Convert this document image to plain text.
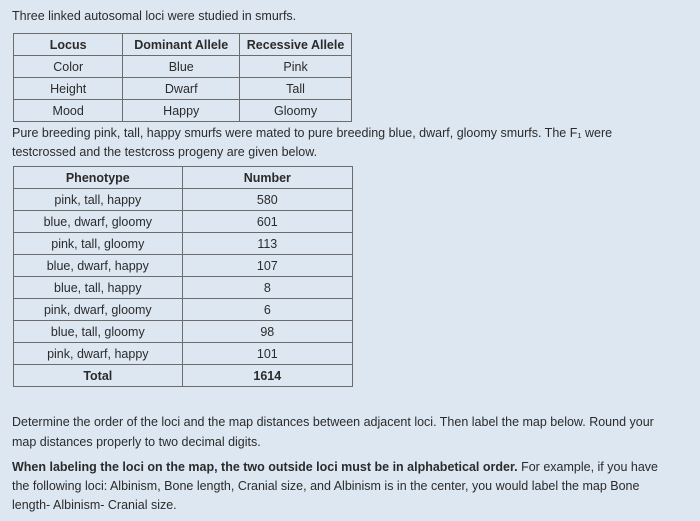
Three linked autosomal loci were studied in smurfs.
Locus	Dominant Allele	Recessive Allele
Color	Blue	Pink
Height	Dwarf	Tall
Mood	Happy	Gloomy
Pure breeding pink, tall, happy smurfs were mated to pure breeding blue, dwarf, gloomy smurfs. The F₁ were
testcrossed and the testcross progeny are given below.
Phenotype	Number
pink, tall, happy	580
blue, dwarf, gloomy	601
pink, tall, gloomy	113
blue, dwarf, happy	107
blue, tall, happy	8
pink, dwarf, gloomy	6
blue, tall, gloomy	98
pink, dwarf, happy	101
Total	1614
Determine the order of the loci and the map distances between adjacent loci. Then label the map below. Round your
map distances properly to two decimal digits.
When labeling the loci on the map, the two outside loci must be in alphabetical order. For example, if you have
the following loci: Albinism, Bone length, Cranial size, and Albinism is in the center, you would label the map Bone
length- Albinism- Cranial size.
